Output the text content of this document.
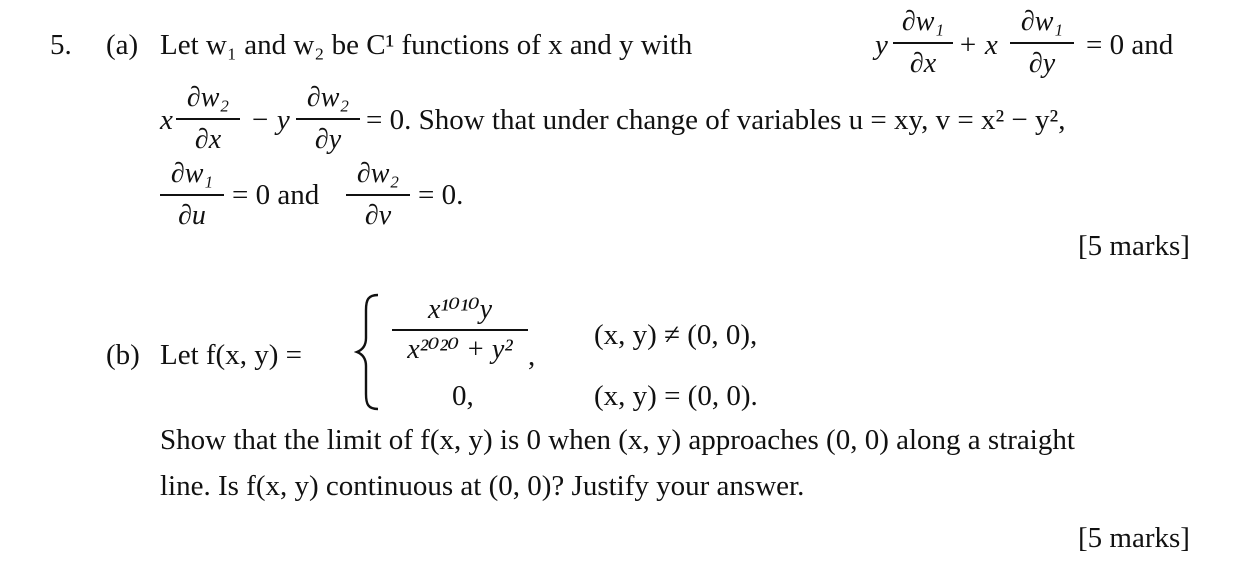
5. (a) Let w₁ and w₂ be C¹ functions of x and y with	y
∂w₁
∂x
+ x
∂w₁
∂y
= 0 and
x
∂w₂
∂x
− y
∂w₂
∂y
= 0. Show that under change of variables u = xy, v = x² − y²,
∂w₁
∂u
= 0 and
∂w₂
∂v
= 0.
[5 marks]
(b) Let f(x, y) =
x¹⁰¹⁰y
x²⁰²⁰ + y² ,
(x, y) ≠ (0, 0),
0,	(x, y) = (0, 0).
Show that the limit of f(x, y) is 0 when (x, y) approaches (0, 0) along a straight
line. Is f(x, y) continuous at (0, 0)? Justify your answer.
[5 marks]
